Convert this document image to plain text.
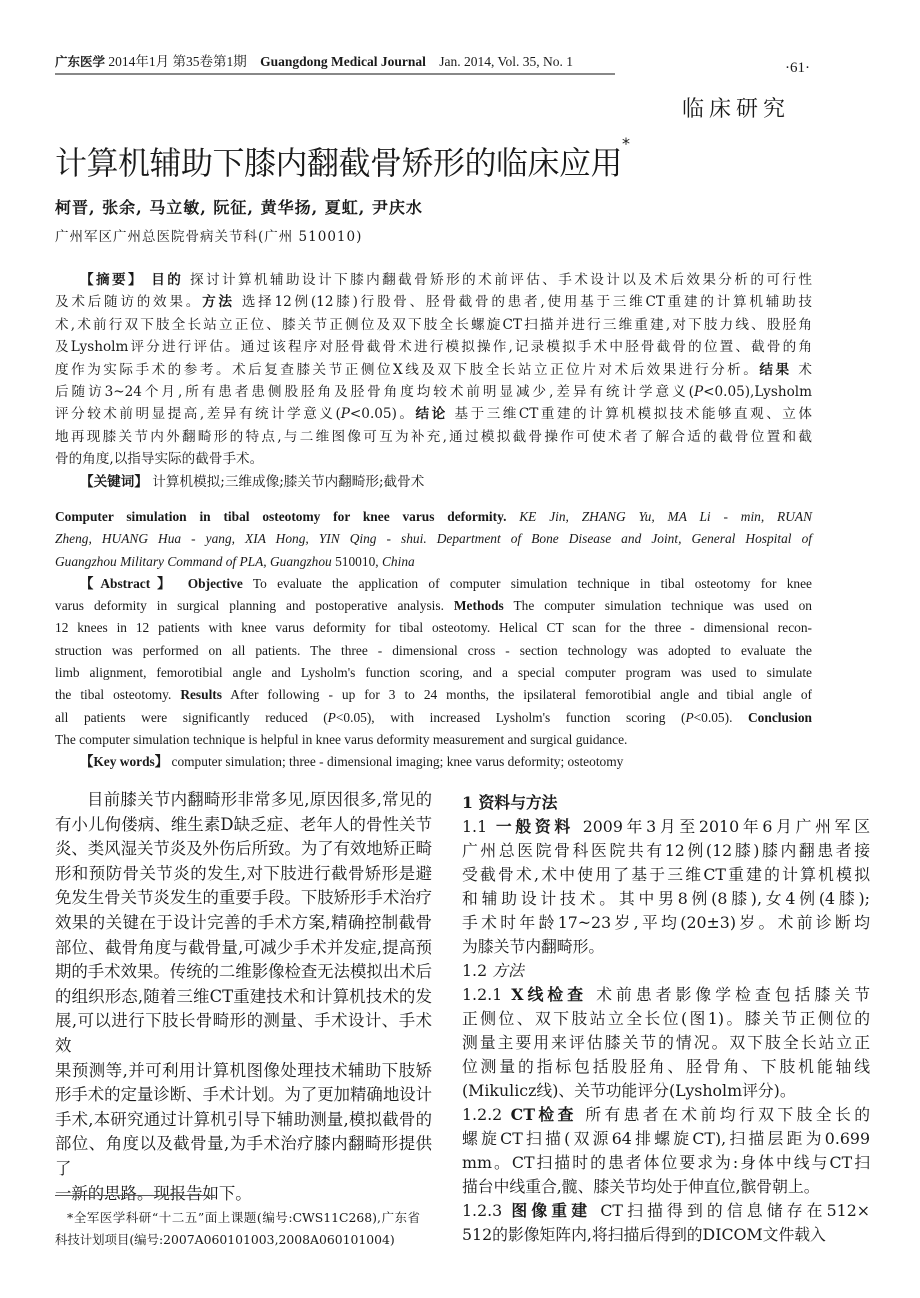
广东医学 2014年1月 第35卷第1期 Guangdong Medical Journal Jan. 2014, Vol. 35, No. 1	·61·
临床研究
计算机辅助下膝内翻截骨矫形的临床应用*
柯晋, 张余, 马立敏, 阮征, 黄华扬, 夏虹, 尹庆水
广州军区广州总医院骨病关节科(广州 510010)
【摘要】 目的 探讨计算机辅助设计下膝内翻截骨矫形的术前评估、手术设计以及术后效果分析的可行性
及术后随访的效果。方法 选择12例(12膝)行股骨、胫骨截骨的患者,使用基于三维CT重建的计算机辅助技
术,术前行双下肢全长站立正位、膝关节正侧位及双下肢全长螺旋CT扫描并进行三维重建,对下肢力线、股胫角
及Lysholm评分进行评估。通过该程序对胫骨截骨术进行模拟操作,记录模拟手术中胫骨截骨的位置、截骨的角
度作为实际手术的参考。术后复查膝关节正侧位X线及双下肢全长站立正位片对术后效果进行分析。结果 术
后随访3~24个月,所有患者患侧股胫角及胫骨角度均较术前明显减少,差异有统计学意义(P<0.05),Lysholm
评分较术前明显提高,差异有统计学意义(P<0.05)。结论 基于三维CT重建的计算机模拟技术能够直观、立体
地再现膝关节内外翻畸形的特点,与二维图像可互为补充,通过模拟截骨操作可使术者了解合适的截骨位置和截
骨的角度,以指导实际的截骨手术。
【关键词】 计算机模拟;三维成像;膝关节内翻畸形;截骨术
Computer simulation in tibal osteotomy for knee varus deformity. KE Jin, ZHANG Yu, MA Li - min, RUAN
Zheng, HUANG Hua - yang, XIA Hong, YIN Qing - shui. Department of Bone Disease and Joint, General Hospital of
Guangzhou Military Command of PLA, Guangzhou 510010, China
【Abstract】 Objective To evaluate the application of computer simulation technique in tibal osteotomy for knee
varus deformity in surgical planning and postoperative analysis. Methods The computer simulation technique was used on
12 knees in 12 patients with knee varus deformity for tibal osteotomy. Helical CT scan for the three - dimensional recon-
struction was performed on all patients. The three - dimensional cross - section technology was adopted to evaluate the
limb alignment, femorotibial angle and Lysholm's function scoring, and a special computer program was used to simulate
the tibal osteotomy. Results After following - up for 3 to 24 months, the ipsilateral femorotibial angle and tibial angle of
all patients were significantly reduced (P<0.05), with increased Lysholm's function scoring (P<0.05). Conclusion
The computer simulation technique is helpful in knee varus deformity measurement and surgical guidance.
【Key words】 computer simulation; three - dimensional imaging; knee varus deformity; osteotomy
目前膝关节内翻畸形非常多见,原因很多,常见的
有小儿佝偻病、维生素D缺乏症、老年人的骨性关节
炎、类风湿关节炎及外伤后所致。为了有效地矫正畸
形和预防骨关节炎的发生,对下肢进行截骨矫形是避
免发生骨关节炎发生的重要手段。下肢矫形手术治疗
效果的关键在于设计完善的手术方案,精确控制截骨
部位、截骨角度与截骨量,可减少手术并发症,提高预
期的手术效果。传统的二维影像检查无法模拟出术后
的组织形态,随着三维CT重建技术和计算机技术的发
展,可以进行下肢长骨畸形的测量、手术设计、手术效
果预测等,并可利用计算机图像处理技术辅助下肢矫
形手术的定量诊断、手术计划。为了更加精确地设计
手术,本研究通过计算机引导下辅助测量,模拟截骨的
部位、角度以及截骨量,为手术治疗膝内翻畸形提供了
一新的思路。现报告如下。
1 资料与方法
1.1 一般资料 2009年3月至2010年6月广州军区
广州总医院骨科医院共有12例(12膝)膝内翻患者接
受截骨术,术中使用了基于三维CT重建的计算机模拟
和辅助设计技术。其中男8例(8膝),女4例(4膝);
手术时年龄17~23岁,平均(20±3)岁。术前诊断均
为膝关节内翻畸形。
1.2 方法
1.2.1 X线检查 术前患者影像学检查包括膝关节
正侧位、双下肢站立全长位(图1)。膝关节正侧位的
测量主要用来评估膝关节的情况。双下肢全长站立正
位测量的指标包括股胫角、胫骨角、下肢机能轴线
(Mikulicz线)、关节功能评分(Lysholm评分)。
1.2.2 CT检查 所有患者在术前均行双下肢全长的
螺旋CT扫描(双源64排螺旋CT),扫描层距为0.699
mm。CT扫描时的患者体位要求为:身体中线与CT扫
描台中线重合,髋、膝关节均处于伸直位,髌骨朝上。
1.2.3 图像重建 CT扫描得到的信息储存在512×
512的影像矩阵内,将扫描后得到的DICOM文件载入
*全军医学科研“十二五”面上课题(编号:CWS11C268),广东省
科技计划项目(编号:2007A060101003,2008A060101004)
